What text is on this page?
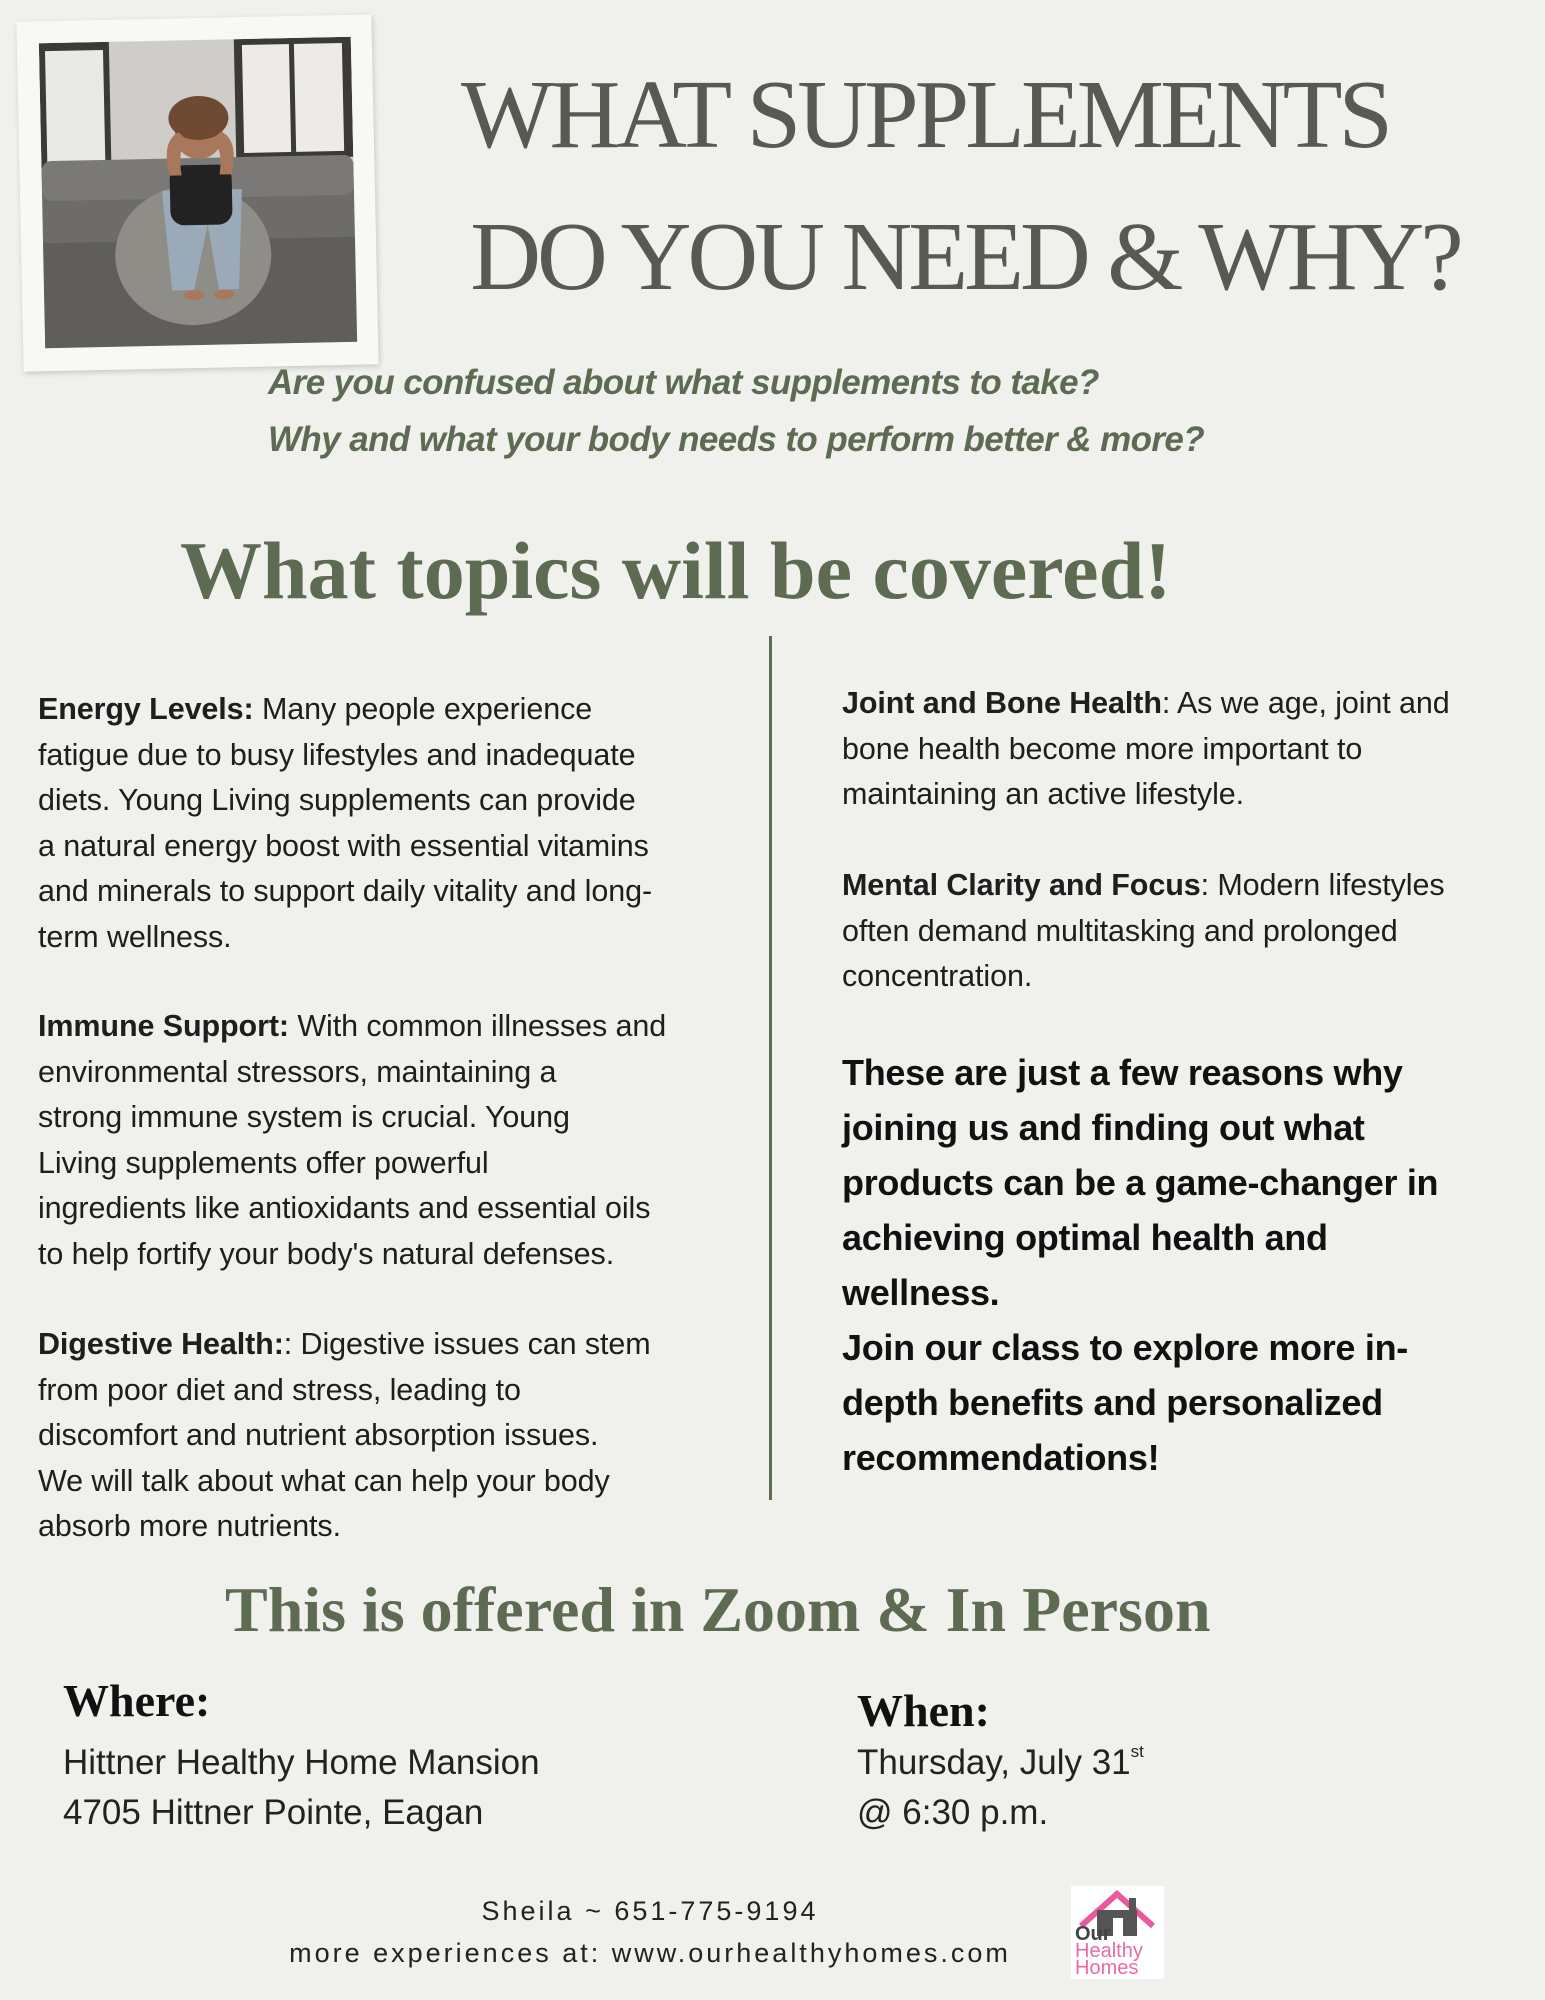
WHAT SUPPLEMENTS
DO YOU NEED & WHY?
Are you confused about what supplements to take?
Why and what your body needs to perform better & more?
What topics will be covered!
Energy Levels: Many people experience
fatigue due to busy lifestyles and inadequate
diets. Young Living supplements can provide
a natural energy boost with essential vitamins
and minerals to support daily vitality and long-
term wellness.
Immune Support: With common illnesses and
environmental stressors, maintaining a
strong immune system is crucial. Young
Living supplements offer powerful
ingredients like antioxidants and essential oils
to help fortify your body's natural defenses.
Digestive Health:: Digestive issues can stem
from poor diet and stress, leading to
discomfort and nutrient absorption issues.
We will talk about what can help your body
absorb more nutrients.
Joint and Bone Health: As we age, joint and
bone health become more important to
maintaining an active lifestyle.
Mental Clarity and Focus: Modern lifestyles
often demand multitasking and prolonged
concentration.
These are just a few reasons why
joining us and finding out what
products can be a game-changer in
achieving optimal health and
wellness.
Join our class to explore more in-
depth benefits and personalized
recommendations!
This is offered in Zoom & In Person
Where:
Hittner Healthy Home Mansion
4705 Hittner Pointe, Eagan
When:
Thursday, July 31st
@ 6:30 p.m.
Sheila ~ 651-775-9194
more experiences at: www.ourhealthyhomes.com
Our
Healthy
Homes
